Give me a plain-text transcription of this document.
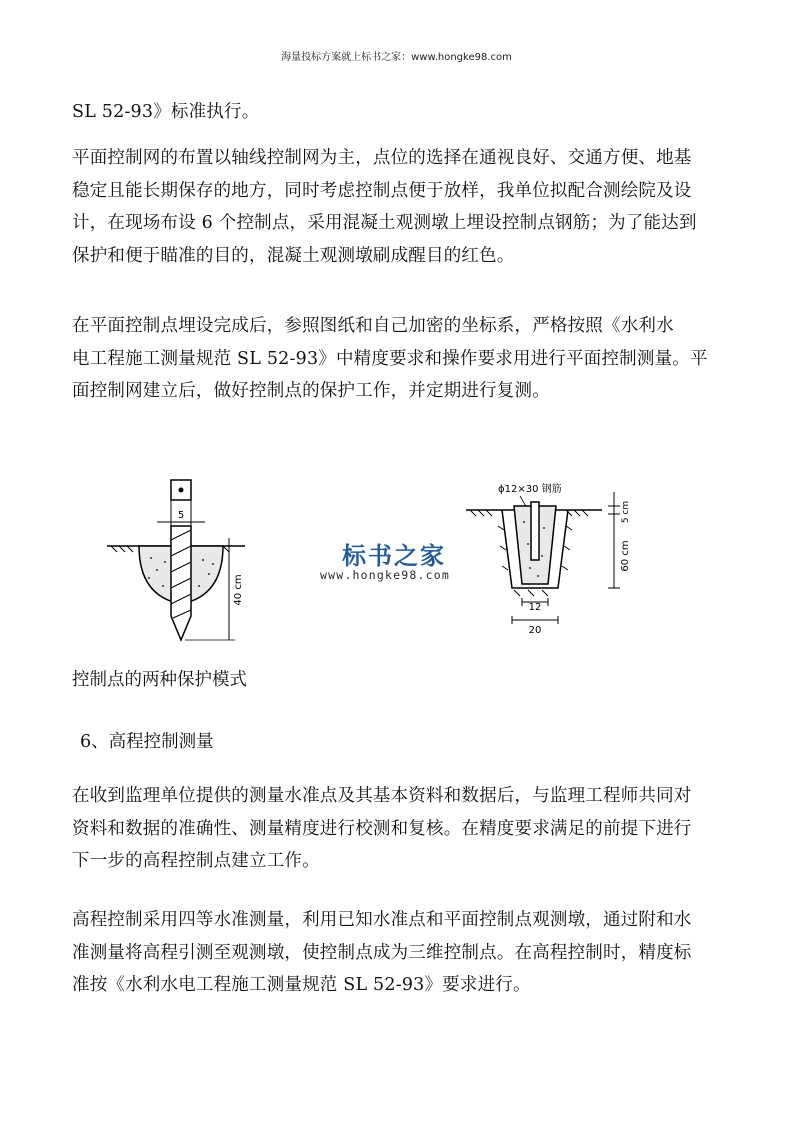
海量投标方案就上标书之家：www.hongke98.com

SL 52-93》标准执行。

平面控制网的布置以轴线控制网为主，点位的选择在通视良好、交通方便、地基
稳定且能长期保存的地方，同时考虑控制点便于放样，我单位拟配合测绘院及设
计，在现场布设 6 个控制点，采用混凝土观测墩上埋设控制点钢筋；为了能达到
保护和便于瞄准的目的，混凝土观测墩刷成醒目的红色。

在平面控制点埋设完成后，参照图纸和自己加密的坐标系，严格按照《水利水
电工程施工测量规范 SL 52-93》中精度要求和操作要求用进行平面控制测量。平
面控制网建立后，做好控制点的保护工作，并定期进行复测。

5
40 cm
标书之家
www.hongke98.com
ϕ12×30 钢筋
5 cm
60 cm
12
20
控制点的两种保护模式
6、高程控制测量

在收到监理单位提供的测量水准点及其基本资料和数据后，与监理工程师共同对
资料和数据的准确性、测量精度进行校测和复核。在精度要求满足的前提下进行
下一步的高程控制点建立工作。

高程控制采用四等水准测量，利用已知水准点和平面控制点观测墩，通过附和水
准测量将高程引测至观测墩，使控制点成为三维控制点。在高程控制时，精度标
准按《水利水电工程施工测量规范 SL 52-93》要求进行。
